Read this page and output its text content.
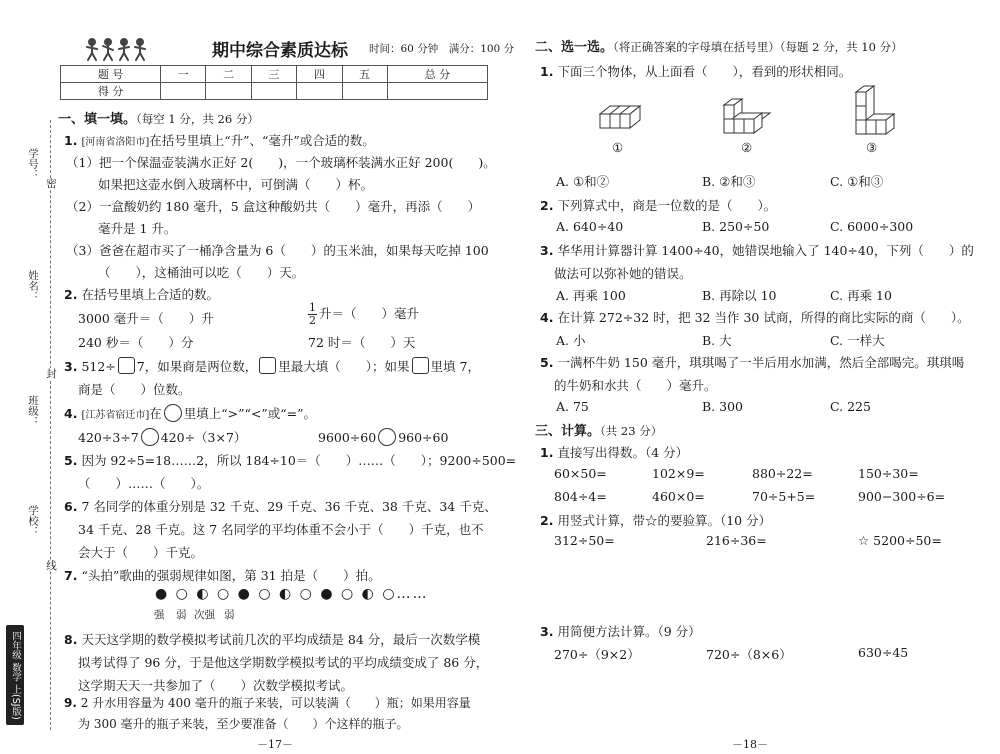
期中综合素质达标 时间：60 分钟　满分：100 分
题 号	一	二	三	四	五	总 分
得 分						
学号：
密
姓名：
封
班级：
学校：
线
四年级 数学 上(SJ版)
一、填一填。（每空 1 分，共 26 分）
1. [河南省洛阳市]在括号里填上“升”、“毫升”或合适的数。
（1）把一个保温壶装满水正好 2(　　)，一个玻璃杯装满水正好 200(　　)。
如果把这壶水倒入玻璃杯中，可倒满（　　）杯。
（2）一盒酸奶约 180 毫升，5 盒这种酸奶共（　　）毫升，再添（　　）
毫升是 1 升。
（3）爸爸在超市买了一桶净含量为 6（　　）的玉米油，如果每天吃掉 100
（　　），这桶油可以吃（　　）天。
2. 在括号里填上合适的数。
3000 毫升＝（　　）升	$\frac{1}{2}$ 升＝（　　）毫升
240 秒＝（　　）分	72 时＝（　　）天
3. 512÷ 7，如果商是两位数， 里最大填（　　）；如果 里填 7，
商是（　　）位数。
4. [江苏省宿迁市]在 里填上“>”“<”或“=”。
420÷3÷7 420÷（3×7）	9600÷60 960÷60
5. 因为 92÷5=18……2，所以 184÷10＝（　　）……（　　）；9200÷500=
（　　）……（　　）。
6. 7 名同学的体重分别是 32 千克、29 千克、36 千克、38 千克、34 千克、
34 千克、28 千克。这 7 名同学的平均体重不会小于（　　）千克，也不
会大于（　　）千克。
7. “头拍”歌曲的强弱规律如图，第 31 拍是（　　）拍。
● ○ ◐ ○ ● ○ ◐ ○ ● ○ ◐ ○……
强 弱 次强 弱
8. 天天这学期的数学模拟考试前几次的平均成绩是 84 分，最后一次数学模
拟考试得了 96 分，于是他这学期数学模拟考试的平均成绩变成了 86 分，
这学期天天一共参加了（　　）次数学模拟考试。
9. 2 升水用容量为 400 毫升的瓶子来装，可以装满（　　）瓶；如果用容量
为 300 毫升的瓶子来装，至少要准备（　　）个这样的瓶子。
－17－
二、选一选。（将正确答案的字母填在括号里）（每题 2 分，共 10 分）
1. 下面三个物体，从上面看（　　），看到的形状相同。
①	②	③
A. ①和②	B. ②和③	C. ①和③
2. 下列算式中，商是一位数的是（　　）。
A. 640÷40	B. 250÷50	C. 6000÷300
3. 华华用计算器计算 1400÷40，她错误地输入了 140÷40，下列（　　）的
做法可以弥补她的错误。
A. 再乘 100	B. 再除以 10	C. 再乘 10
4. 在计算 272÷32 时，把 32 当作 30 试商，所得的商比实际的商（　　）。
A. 小	B. 大	C. 一样大
5. 一满杯牛奶 150 毫升，琪琪喝了一半后用水加满，然后全部喝完。琪琪喝
的牛奶和水共（　　）毫升。
A. 75	B. 300	C. 225
三、计算。（共 23 分）
1. 直接写出得数。（4 分）
60×50=	102×9=	880÷22=	150÷30=
804÷4=	460×0=	70÷5+5=	900−300÷6=
2. 用竖式计算，带☆的要验算。（10 分）
312÷50=	216÷36=	☆ 5200÷50=
3. 用简便方法计算。（9 分）
270÷（9×2）	720÷（8×6）	630÷45
－18－
